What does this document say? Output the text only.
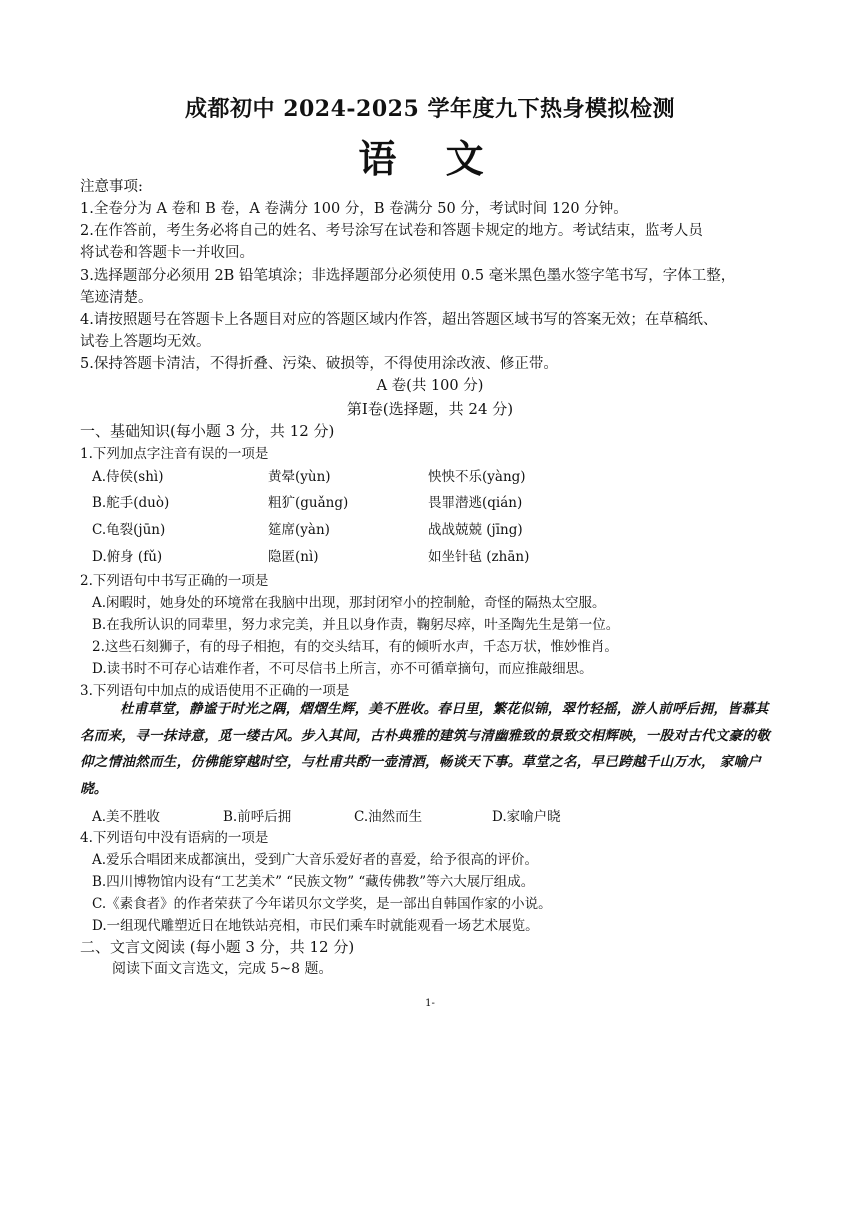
成都初中 2024-2025 学年度九下热身模拟检测
语 文
注意事项:
1.全卷分为 A 卷和 B 卷，A 卷满分 100 分，B 卷满分 50 分，考试时间 120 分钟。
2.在作答前，考生务必将自己的姓名、考号涂写在试卷和答题卡规定的地方。考试结束，监考人员
将试卷和答题卡一并收回。
3.选择题部分必须用 2B 铅笔填涂；非选择题部分必须使用 0.5 毫米黑色墨水签字笔书写，字体工整，
笔迹清楚。
4.请按照题号在答题卡上各题目对应的答题区域内作答，超出答题区域书写的答案无效；在草稿纸、
试卷上答题均无效。
5.保持答题卡清洁，不得折叠、污染、破损等，不得使用涂改液、修正带。
A 卷(共 100 分)
第Ⅰ卷(选择题，共 24 分)
一、基础知识(每小题 3 分，共 12 分)
1.下列加点字注音有误的一项是
A.侍侯(shì)	黄晕(yùn)	怏怏不乐(yàng)
B.舵手(duò)	粗犷(guǎng)	畏罪潜逃(qián)
C.龟裂(jūn)	筵席(yàn)	战战兢兢 (jīng)
D.俯身 (fǔ)	隐匿(nì)	如坐针毡 (zhān)
2.下列语句中书写正确的一项是
A.闲暇时，她身处的环境常在我脑中出现，那封闭窄小的控制舱，奇怪的隔热太空服。
B.在我所认识的同辈里，努力求完美，并且以身作责，鞠躬尽瘁，叶圣陶先生是第一位。
2.这些石刻狮子，有的母子相抱，有的交头结耳，有的倾听水声，千态万状，惟妙惟肖。
D.读书时不可存心诘难作者，不可尽信书上所言，亦不可循章摘句，而应推敲细思。
3.下列语句中加点的成语使用不正确的一项是
杜甫草堂，静谧于时光之隅，熠熠生辉，美不胜收。春日里，繁花似锦，翠竹轻摇，游人前呼后拥，皆慕其名而来，寻一抹诗意，觅一缕古风。步入其间，古朴典雅的建筑与清幽雅致的景致交相辉映，一股对古代文豪的敬仰之情油然而生，仿佛能穿越时空，与杜甫共酌一壶清酒，畅谈天下事。草堂之名，早已跨越千山万水， 家喻户晓。
A.美不胜收	B.前呼后拥	C.油然而生	D.家喻户晓
4.下列语句中没有语病的一项是
A.爱乐合唱团来成都演出，受到广大音乐爱好者的喜爱，给予很高的评价。
B.四川博物馆内设有“工艺美术” “民族文物” “藏传佛教”等六大展厅组成。
C.《素食者》的作者荣获了今年诺贝尔文学奖，是一部出自韩国作家的小说。
D.一组现代雕塑近日在地铁站亮相，市民们乘车时就能观看一场艺术展览。
二、文言文阅读 (每小题 3 分，共 12 分)
阅读下面文言选文，完成 5~8 题。
1-
